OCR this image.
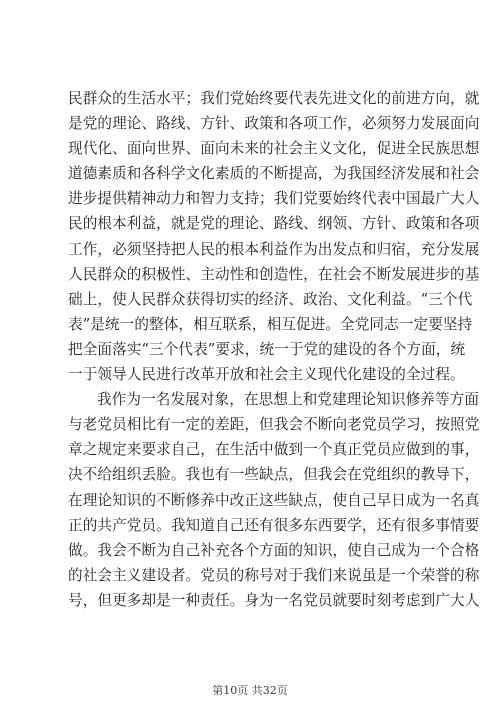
民群众的生活水平；我们党始终要代表先进文化的前进方向，就
是党的理论、路线、方针、政策和各项工作，必须努力发展面向
现代化、面向世界、面向未来的社会主义文化，促进全民族思想
道德素质和各科学文化素质的不断提高，为我国经济发展和社会
进步提供精神动力和智力支持；我们党要始终代表中国最广大人
民的根本利益，就是党的理论、路线、纲领、方针、政策和各项
工作，必须坚持把人民的根本利益作为出发点和归宿，充分发展
人民群众的积极性、主动性和创造性，在社会不断发展进步的基
础上，使人民群众获得切实的经济、政治、文化利益。“三个代
表”是统一的整体，相互联系，相互促进。全党同志一定要坚持
把全面落实“三个代表”要求，统一于党的建设的各个方面，统
一于领导人民进行改革开放和社会主义现代化建设的全过程。
我作为一名发展对象，在思想上和党建理论知识修养等方面
与老党员相比有一定的差距，但我会不断向老党员学习，按照党
章之规定来要求自己，在生活中做到一个真正党员应做到的事，
决不给组织丢脸。我也有一些缺点，但我会在党组织的教导下，
在理论知识的不断修养中改正这些缺点，使自己早日成为一名真
正的共产党员。我知道自己还有很多东西要学，还有很多事情要
做。我会不断为自己补充各个方面的知识，使自己成为一个合格
的社会主义建设者。党员的称号对于我们来说虽是一个荣誉的称
号，但更多却是一种责任。身为一名党员就要时刻考虑到广大人
第10页 共32页
